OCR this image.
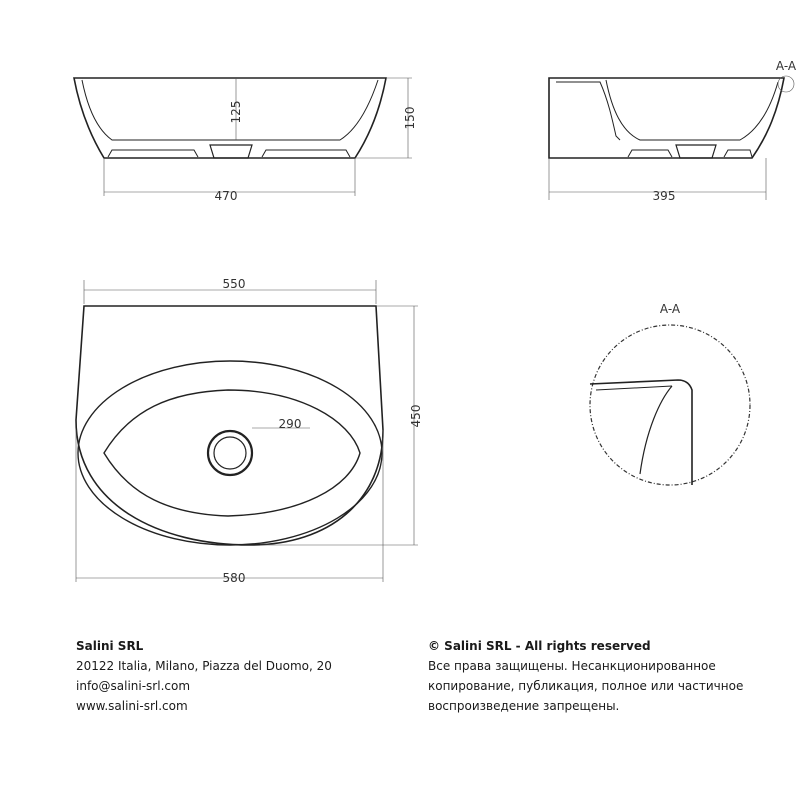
125	150
470
A-A
395
550
290	450
580
A-A
Salini SRL
20122 Italia, Milano, Piazza del Duomo, 20
info@salini-srl.com
www.salini-srl.com
© Salini SRL - All rights reserved
Все права защищены. Несанкционированное
копирование, публикация, полное или частичное
воспроизведение запрещены.
